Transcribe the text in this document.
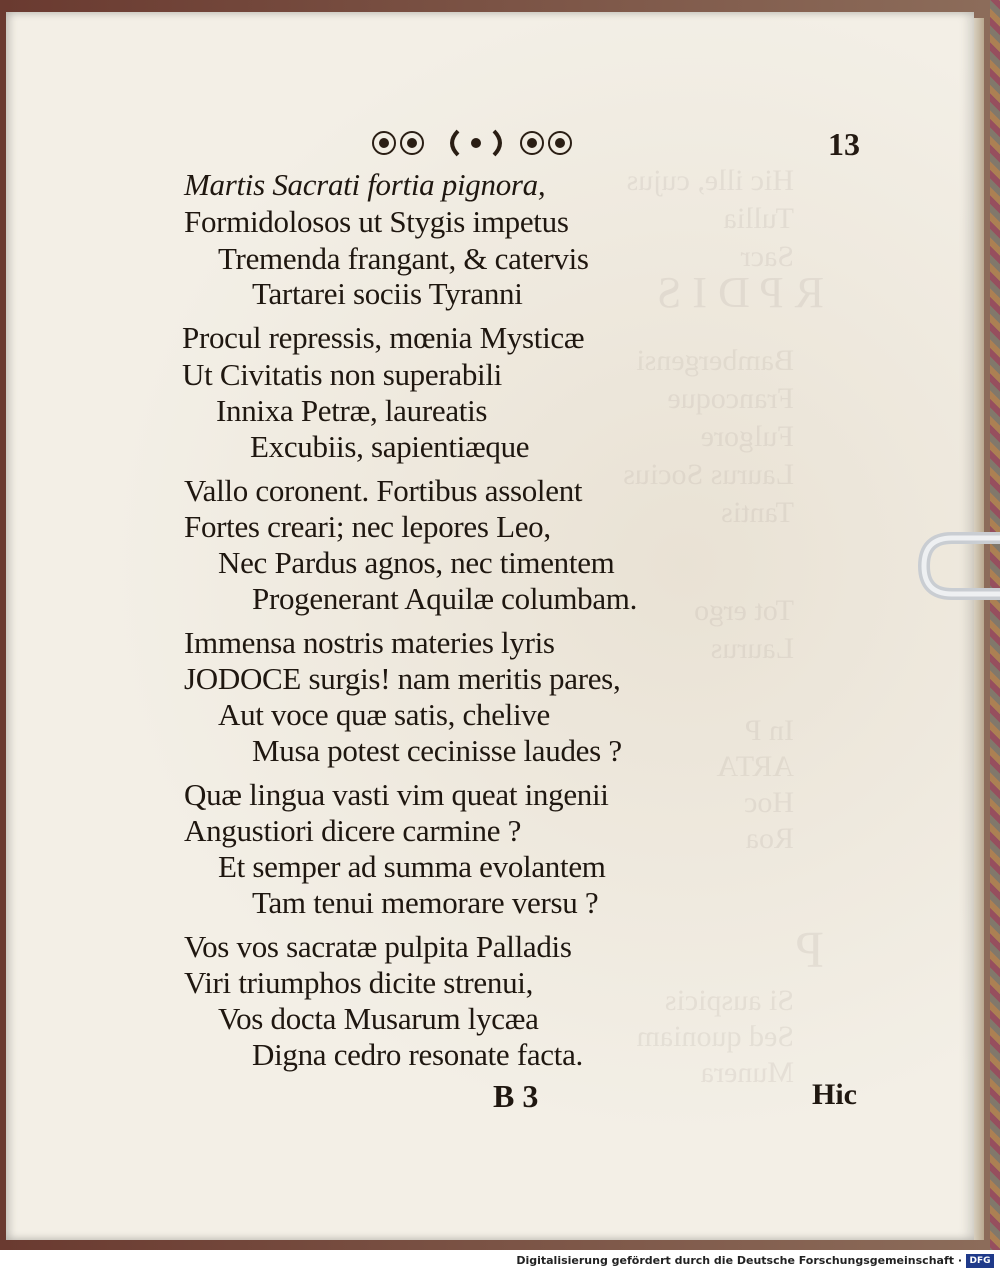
Hic ille, cujus
Tullia
Sacr
R P D I S
Bambergensi
Francoque
Fulgore
Laurus Socius
Tantis
Tot ergo
Laurus
In P
ARTA
Hoc
Roa
P
Si auspicis
Sed quoniam
Munera
13
Martis Sacrati fortia pignora,
Formidolosos ut Stygis impetus
Tremenda frangant, & catervis
Tartarei sociis Tyranni
Procul repressis, mœnia Mysticæ
Ut Civitatis non superabili
Innixa Petræ, laureatis
Excubiis, sapientiæque
Vallo coronent. Fortibus assolent
Fortes creari; nec lepores Leo,
Nec Pardus agnos, nec timentem
Progenerant Aquilæ columbam.
Immensa nostris materies lyris
JODOCE surgis! nam meritis pares,
Aut voce quæ satis, chelive
Musa potest cecinisse laudes ?
Quæ lingua vasti vim queat ingenii
Angustiori dicere carmine ?
Et semper ad summa evolantem
Tam tenui memorare versu ?
Vos vos sacratæ pulpita Palladis
Viri triumphos dicite strenui,
Vos docta Musarum lycæa
Digna cedro resonate facta.
B 3	Hic
Digitalisierung gefördert durch die Deutsche Forschungsgemeinschaft · DFG
